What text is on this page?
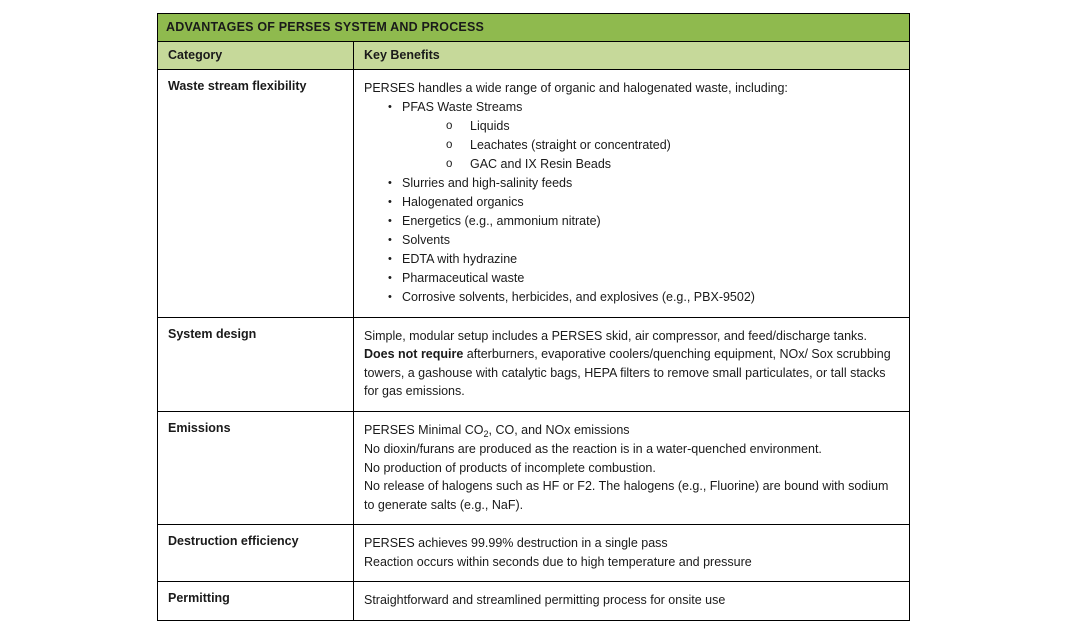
ADVANTAGES OF PERSES SYSTEM AND PROCESS	
Category	Key Benefits
Waste stream flexibility	PERSES handles a wide range of organic and halogenated waste, including:
• PFAS Waste Streams
o Liquids
o Leachates (straight or concentrated)
o GAC and IX Resin Beads
• Slurries and high-salinity feeds
• Halogenated organics
• Energetics (e.g., ammonium nitrate)
• Solvents
• EDTA with hydrazine
• Pharmaceutical waste
• Corrosive solvents, herbicides, and explosives (e.g., PBX-9502)

System design	Simple, modular setup includes a PERSES skid, air compressor, and feed/discharge tanks. Does not require afterburners, evaporative coolers/quenching equipment, NOx/ Sox scrubbing towers, a gashouse with catalytic bags, HEPA filters to remove small particulates, or tall stacks for gas emissions.

Emissions	PERSES Minimal $CO_2$, CO, and NOx emissions
No dioxin/furans are produced as the reaction is in a water-quenched environment.
No production of products of incomplete combustion.
No release of halogens such as HF or F2. The halogens (e.g., Fluorine) are bound with sodium to generate salts (e.g., NaF).

Destruction efficiency	PERSES achieves 99.99% destruction in a single pass
Reaction occurs within seconds due to high temperature and pressure

Permitting	Straightforward and streamlined permitting process for onsite use
